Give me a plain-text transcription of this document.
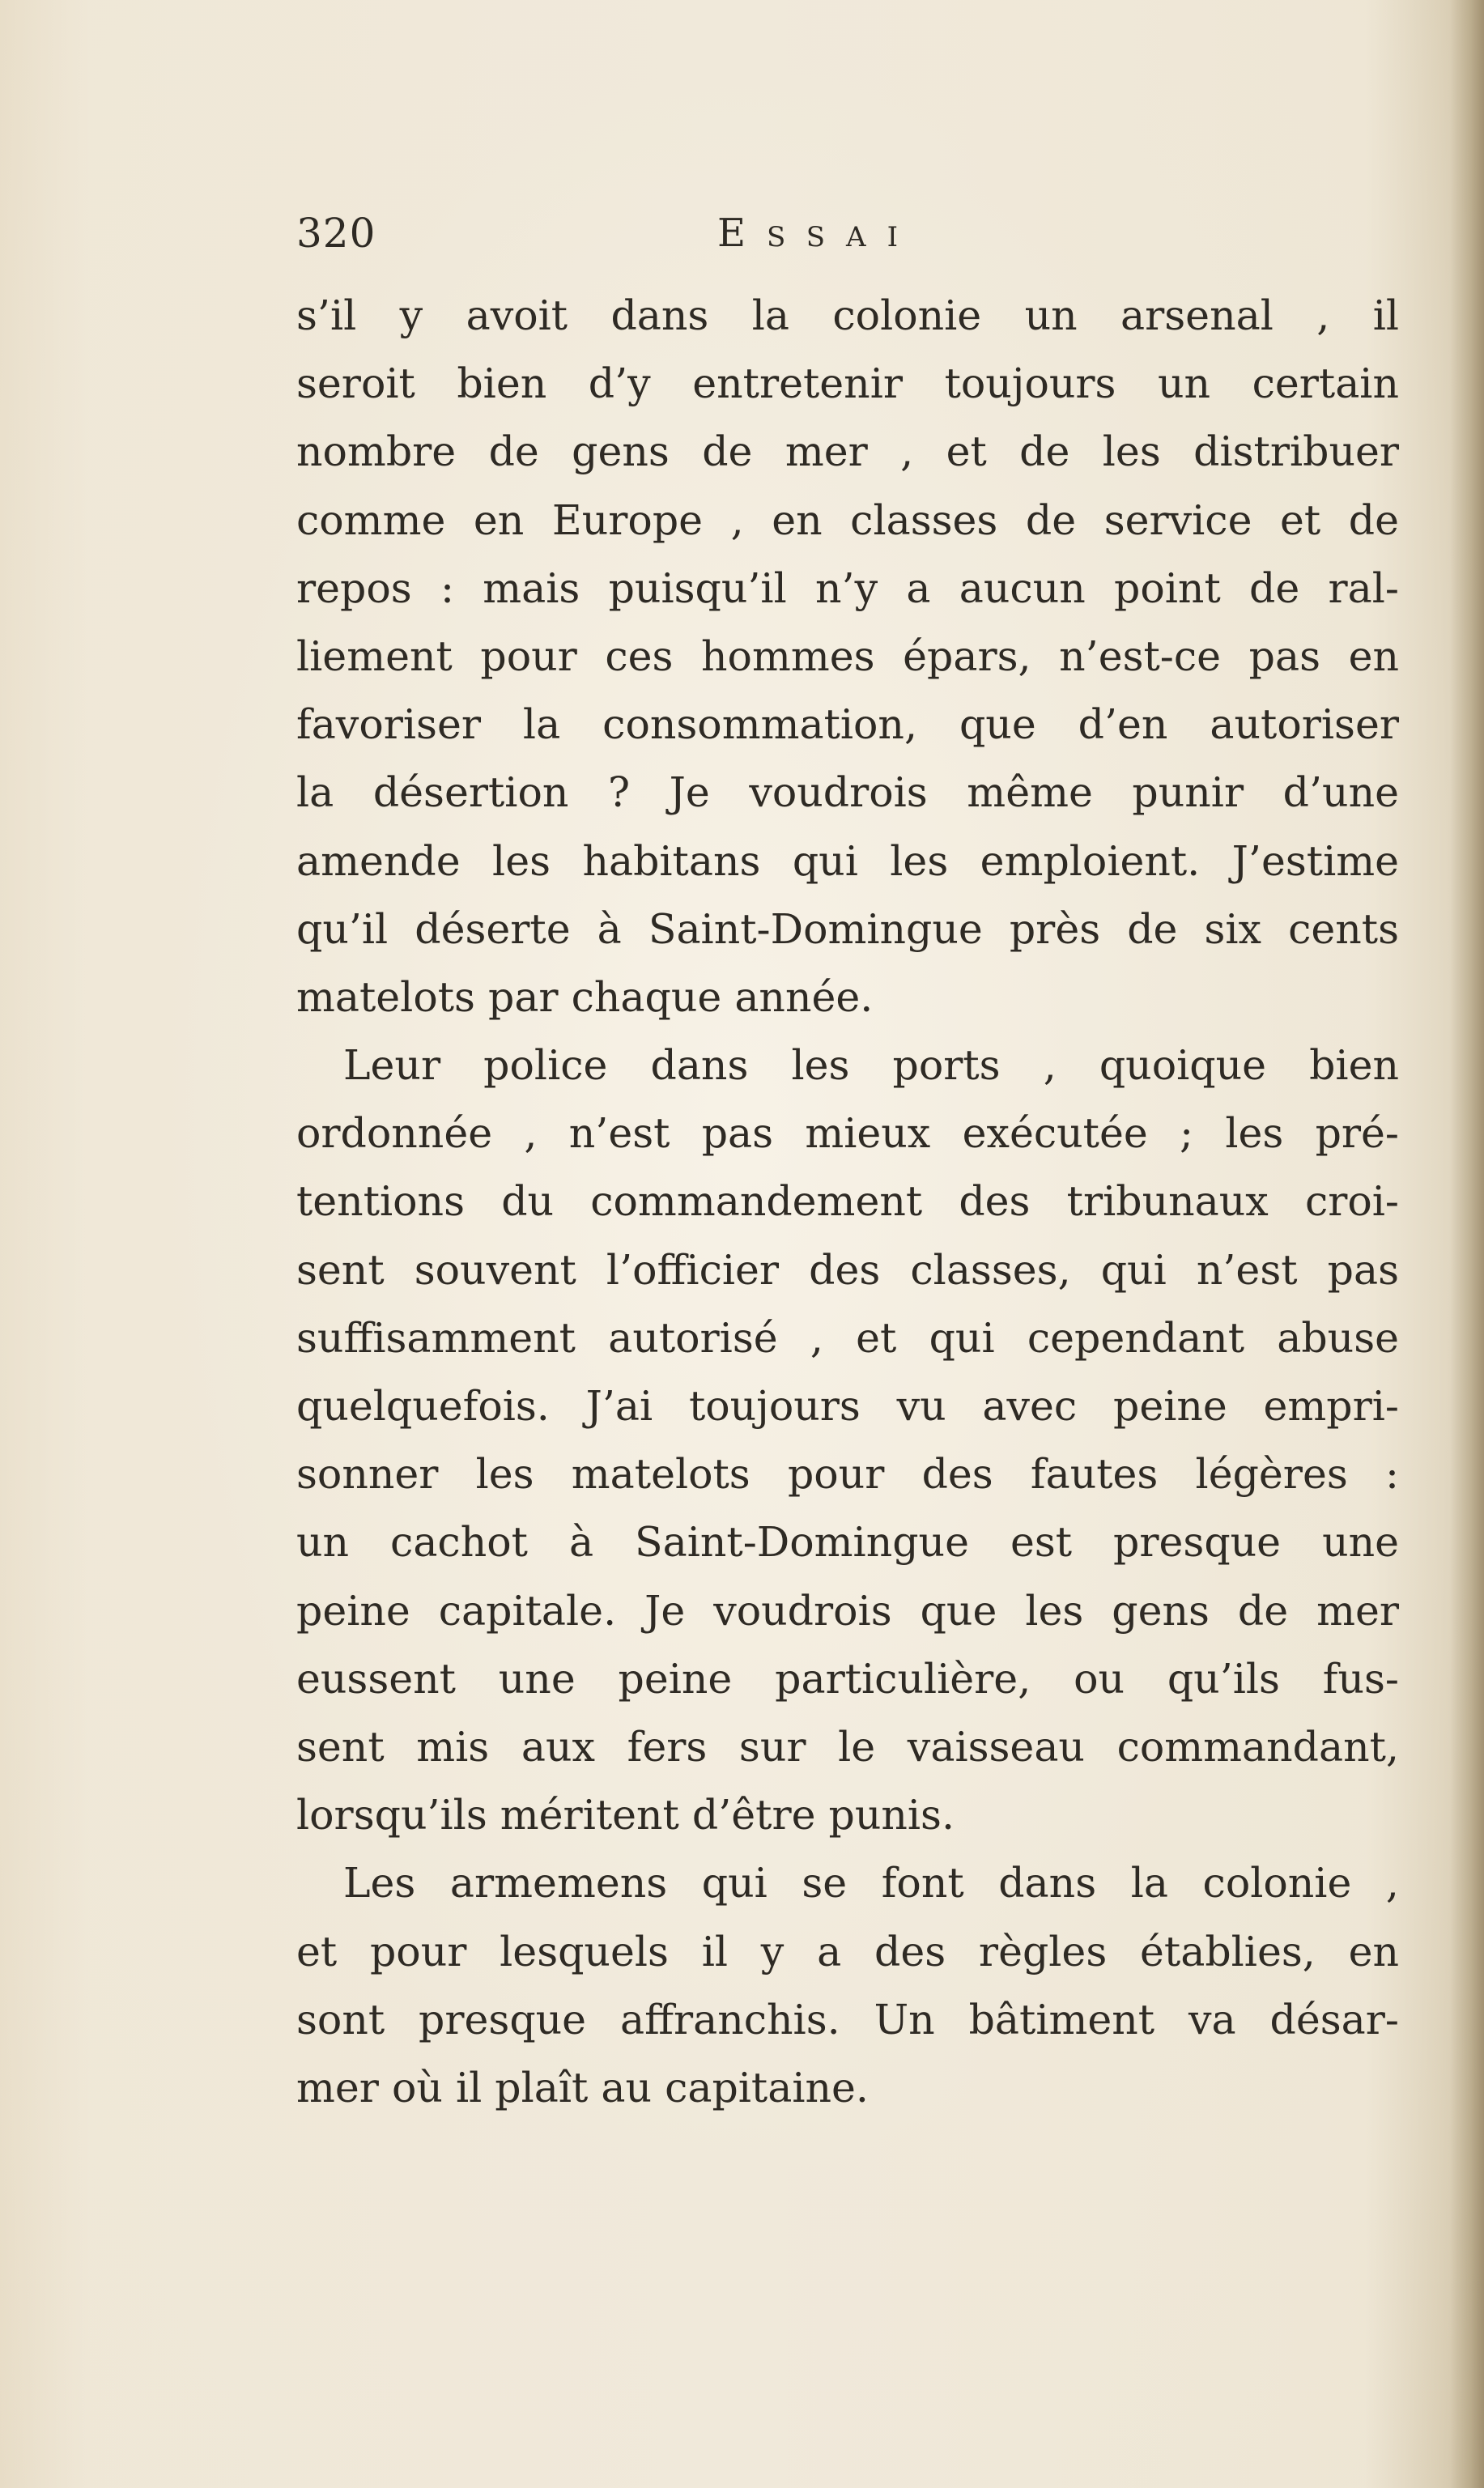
320	Essai
s’il y avoit dans la colonie un arsenal , il
seroit bien d’y entretenir toujours un certain
nombre de gens de mer , et de les distribuer
comme en Europe , en classes de service et de
repos : mais puisqu’il n’y a aucun point de ral-
liement pour ces hommes épars, n’est-ce pas en
favoriser la consommation, que d’en autoriser
la désertion ? Je voudrois même punir d’une
amende les habitans qui les emploient. J’estime
qu’il déserte à Saint-Domingue près de six cents
matelots par chaque année.
Leur police dans les ports , quoique bien
ordonnée , n’est pas mieux exécutée ; les pré-
tentions du commandement des tribunaux croi-
sent souvent l’officier des classes, qui n’est pas
suffisamment autorisé , et qui cependant abuse
quelquefois. J’ai toujours vu avec peine empri-
sonner les matelots pour des fautes légères :
un cachot à Saint-Domingue est presque une
peine capitale. Je voudrois que les gens de mer
eussent une peine particulière, ou qu’ils fus-
sent mis aux fers sur le vaisseau commandant,
lorsqu’ils méritent d’être punis.
Les armemens qui se font dans la colonie ,
et pour lesquels il y a des règles établies, en
sont presque affranchis. Un bâtiment va désar-
mer où il plaît au capitaine.
